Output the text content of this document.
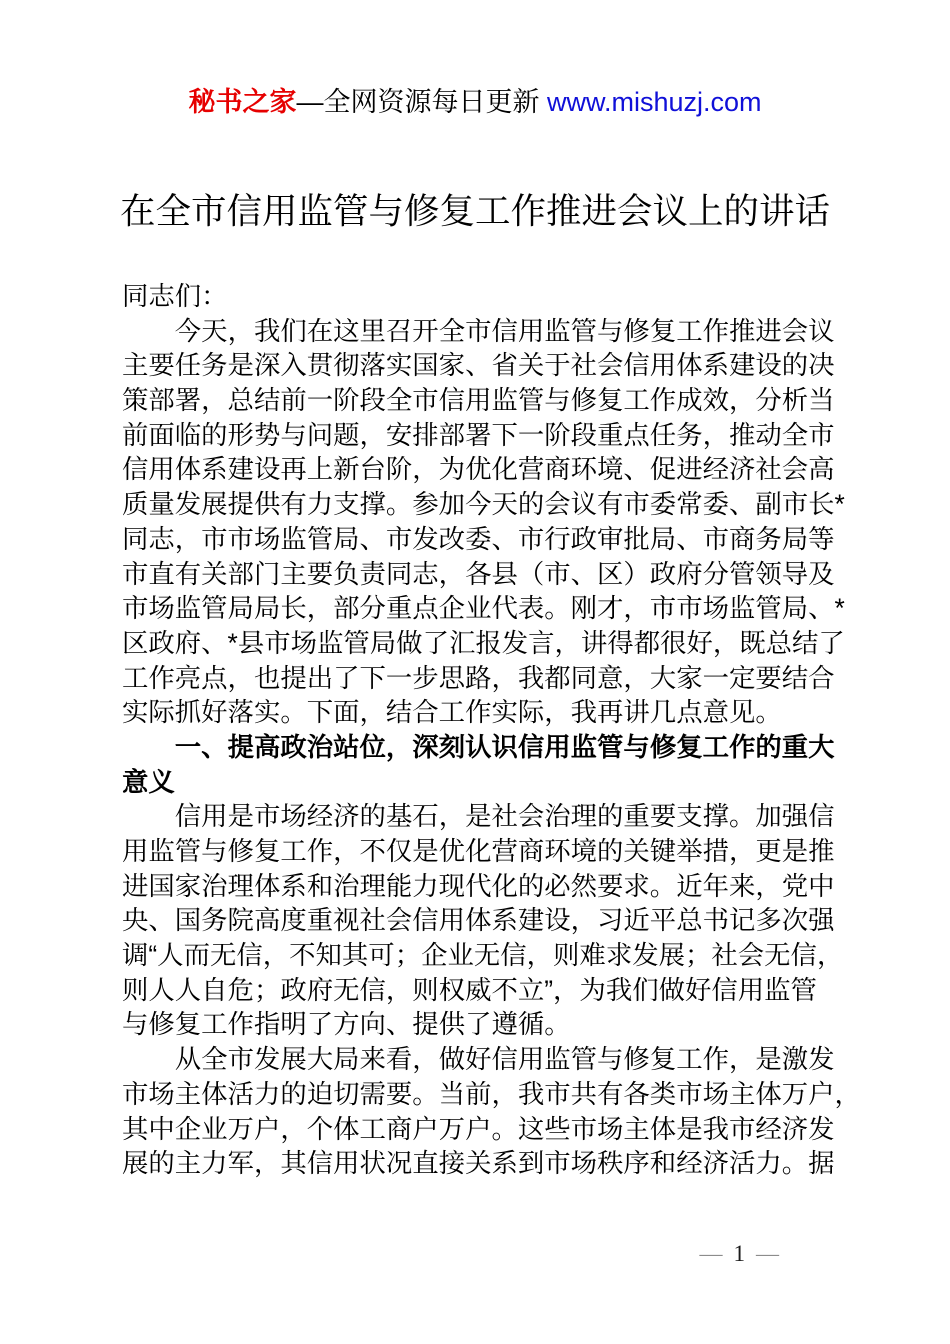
秘书之家—全网资源每日更新 www.mishuzj.com
在全市信用监管与修复工作推进会议上的讲话
同志们：
今天，我们在这里召开全市信用监管与修复工作推进会议
主要任务是深入贯彻落实国家、省关于社会信用体系建设的决
策部署，总结前一阶段全市信用监管与修复工作成效，分析当
前面临的形势与问题，安排部署下一阶段重点任务，推动全市
信用体系建设再上新台阶，为优化营商环境、促进经济社会高
质量发展提供有力支撑。参加今天的会议有市委常委、副市长*
同志，市市场监管局、市发改委、市行政审批局、市商务局等
市直有关部门主要负责同志，各县（市、区）政府分管领导及
市场监管局局长，部分重点企业代表。刚才，市市场监管局、*
区政府、*县市场监管局做了汇报发言，讲得都很好，既总结了
工作亮点，也提出了下一步思路，我都同意，大家一定要结合
实际抓好落实。下面，结合工作实际，我再讲几点意见。
一、提高政治站位，深刻认识信用监管与修复工作的重大
意义
信用是市场经济的基石，是社会治理的重要支撑。加强信
用监管与修复工作，不仅是优化营商环境的关键举措，更是推
进国家治理体系和治理能力现代化的必然要求。近年来，党中
央、国务院高度重视社会信用体系建设，习近平总书记多次强
调“人而无信，不知其可；企业无信，则难求发展；社会无信，
则人人自危；政府无信，则权威不立”，为我们做好信用监管
与修复工作指明了方向、提供了遵循。
从全市发展大局来看，做好信用监管与修复工作，是激发
市场主体活力的迫切需要。当前，我市共有各类市场主体万户，
其中企业万户，个体工商户万户。这些市场主体是我市经济发
展的主力军，其信用状况直接关系到市场秩序和经济活力。据
— 1 —
